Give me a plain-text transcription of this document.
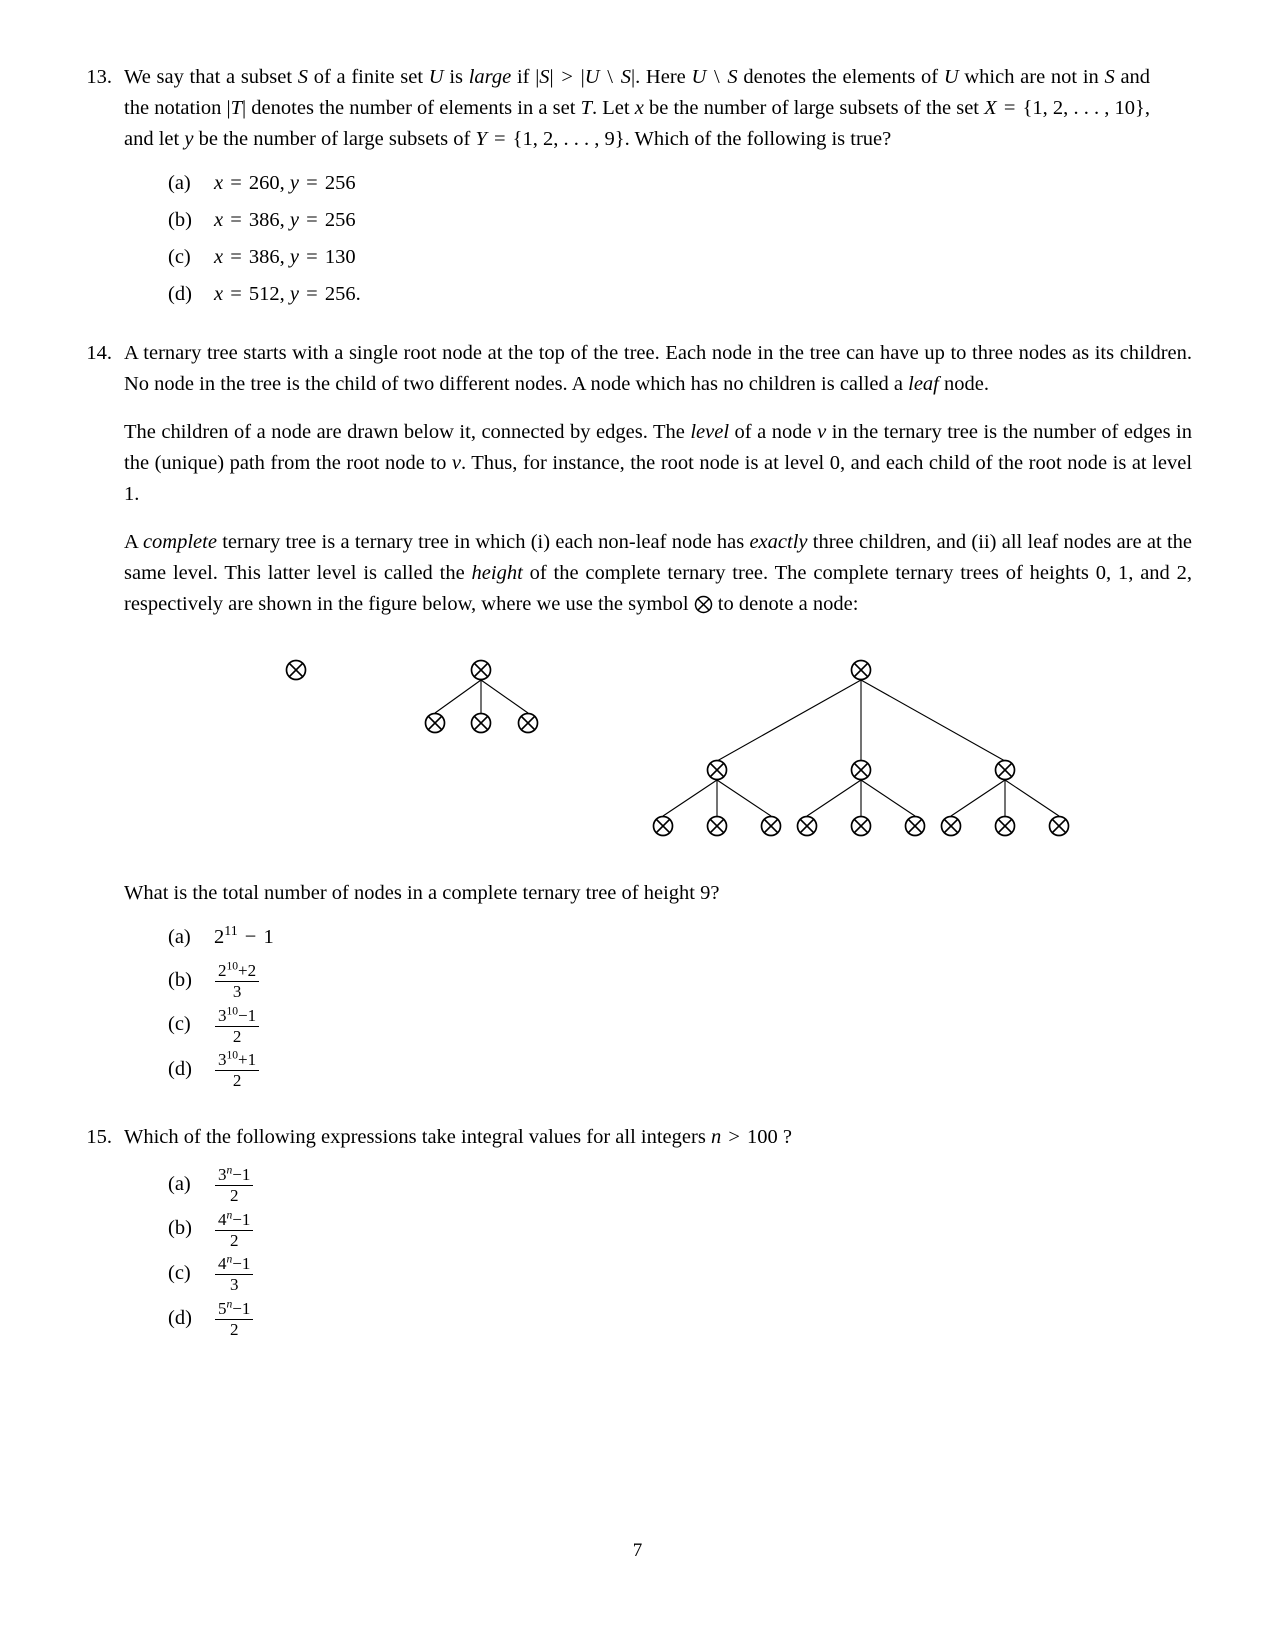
13. We say that a subset S of a finite set U is large if |S| > |U \ S|. Here U \ S denotes the elements of U which are not in S and the notation |T| denotes the number of elements in a set T. Let x be the number of large subsets of the set X = {1, 2, . . . , 10}, and let y be the number of large subsets of Y = {1, 2, . . . , 9}. Which of the following is true?

(a)	x = 260, y = 256
(b)	x = 386, y = 256
(c)	x = 386, y = 130
(d)	x = 512, y = 256.
14. A ternary tree starts with a single root node at the top of the tree. Each node in the tree can have up to three nodes as its children. No node in the tree is the child of two different nodes. A node which has no children is called a leaf node.

The children of a node are drawn below it, connected by edges. The level of a node v in the ternary tree is the number of edges in the (unique) path from the root node to v. Thus, for instance, the root node is at level 0, and each child of the root node is at level 1.

A complete ternary tree is a ternary tree in which (i) each non-leaf node has exactly three children, and (ii) all leaf nodes are at the same level. This latter level is called the height of the complete ternary tree. The complete ternary trees of heights 0, 1, and 2, respectively are shown in the figure below, where we use the symbol  to denote a node:

What is the total number of nodes in a complete ternary tree of height 9?

(a)	$2^{11} - 1$
(b)	$\frac{2^{10}+2}{3}$
(c)	$\frac{3^{10}-1}{2}$
(d)	$\frac{3^{10}+1}{2}$
15. Which of the following expressions take integral values for all integers n > 100 ?

(a)	$\frac{3^n-1}{2}$
(b)	$\frac{4^n-1}{2}$
(c)	$\frac{4^n-1}{3}$
(d)	$\frac{5^n-1}{2}$
7
